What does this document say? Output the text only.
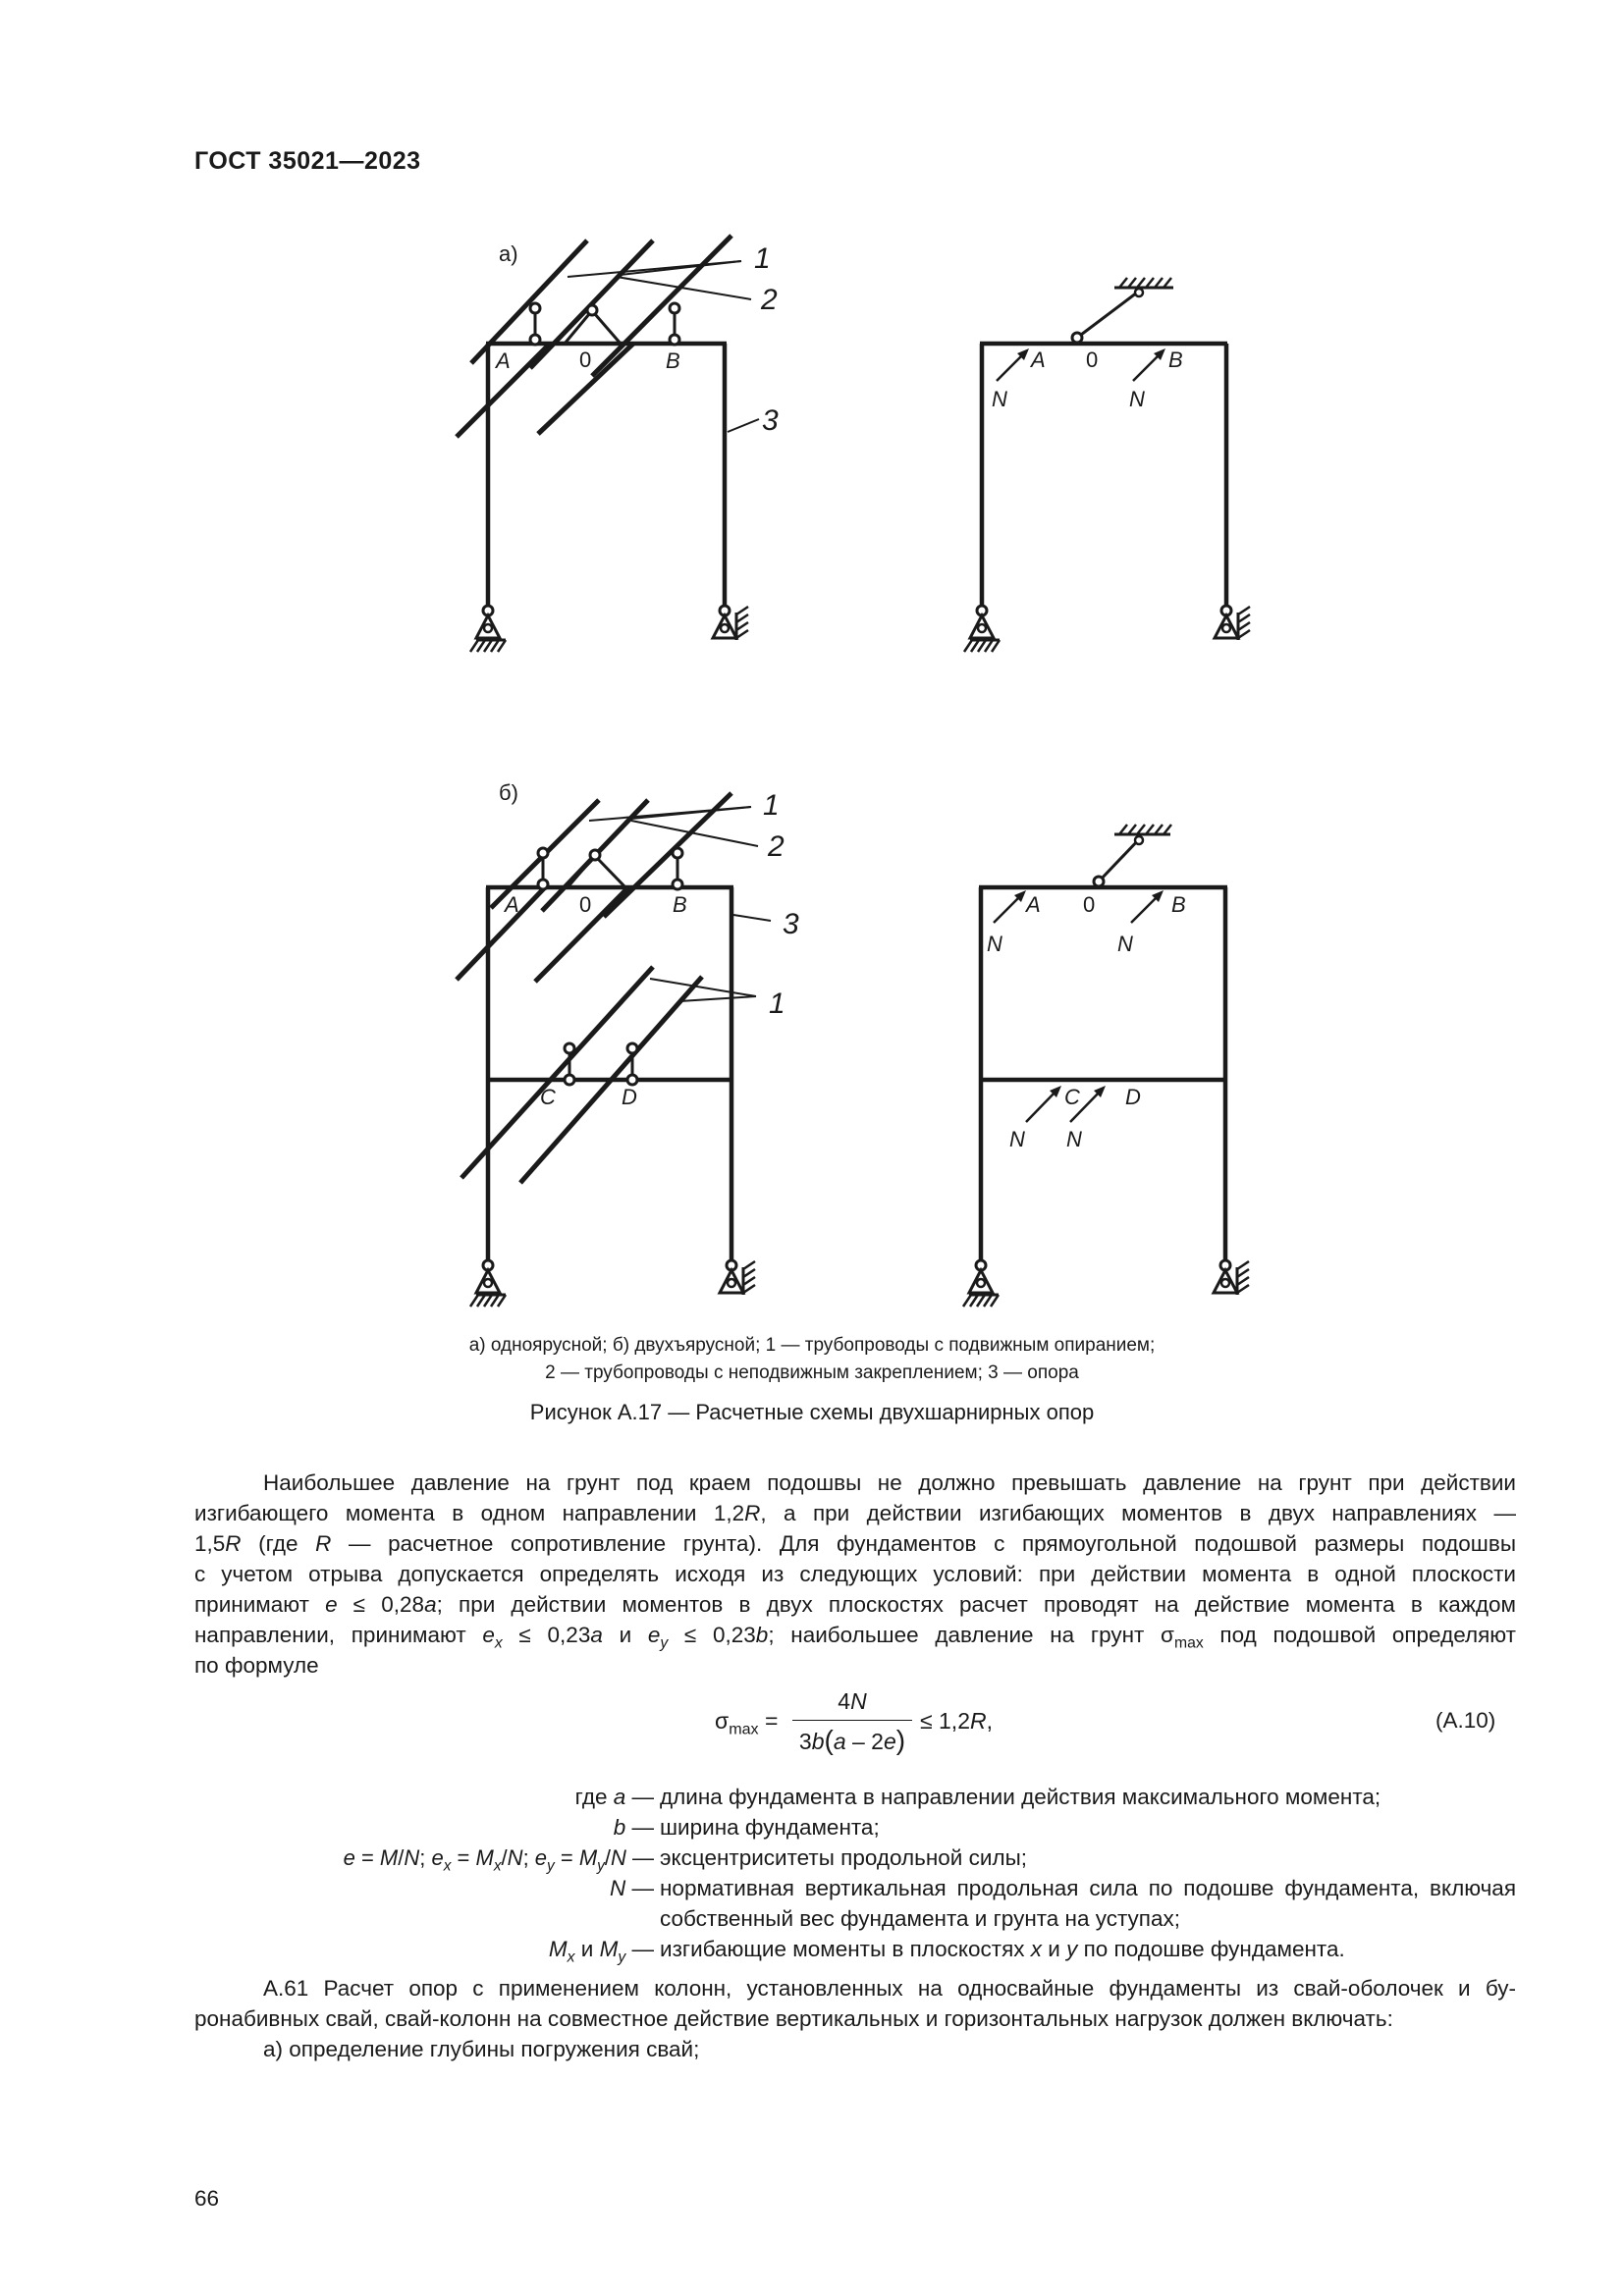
ГОСТ 35021—2023
а)
A	0	B
1
2
3
A 0	B
N	N
б)
A	0	B
1
2
3
C	D
1
A 0	B
N	N
C D
N N
а) одноярусной; б) двухъярусной; 1 — трубопроводы с подвижным опиранием;
2 — трубопроводы с неподвижным закреплением; 3 — опора
Рисунок А.17 — Расчетные схемы двухшарнирных опор
Наибольшее давление на грунт под краем подошвы не должно превышать давление на грунт при действии
изгибающего момента в одном направлении 1,2R, а при действии изгибающих моментов в двух направлениях —
1,5R (где R — расчетное сопротивление грунта). Для фундаментов с прямоугольной подошвой размеры подошвы
с учетом отрыва допускается определять исходя из следующих условий: при действии момента в одной плоскости
принимают e ≤ 0,28a; при действии моментов в двух плоскостях расчет проводят на действие момента в каждом
направлении, принимают $e_x \le 0,23a$ и $e_y \le 0,23b$; наибольшее давление на грунт $\sigma_{max}$ под подошвой определяют
по формуле
$\sigma_{max}$ =
4N
3b(a – 2e)
≤ 1,2R,	(А.10)
где a — длина фундамента в направлении действия максимального момента;
b — ширина фундамента;
e = M/N; $e_x = M_x/N$; $e_y = M_y/N$ — эксцентриситеты продольной силы;
N — нормативная вертикальная продольная сила по подошве фундамента, включая
собственный вес фундамента и грунта на уступах;
$M_x$ и $M_y$ — изгибающие моменты в плоскостях x и y по подошве фундамента.
А.61 Расчет опор с применением колонн, установленных на односвайные фундаменты из свай-оболочек и бу-
ронабивных свай, свай-колонн на совместное действие вертикальных и горизонтальных нагрузок должен включать:
а) определение глубины погружения свай;
66
